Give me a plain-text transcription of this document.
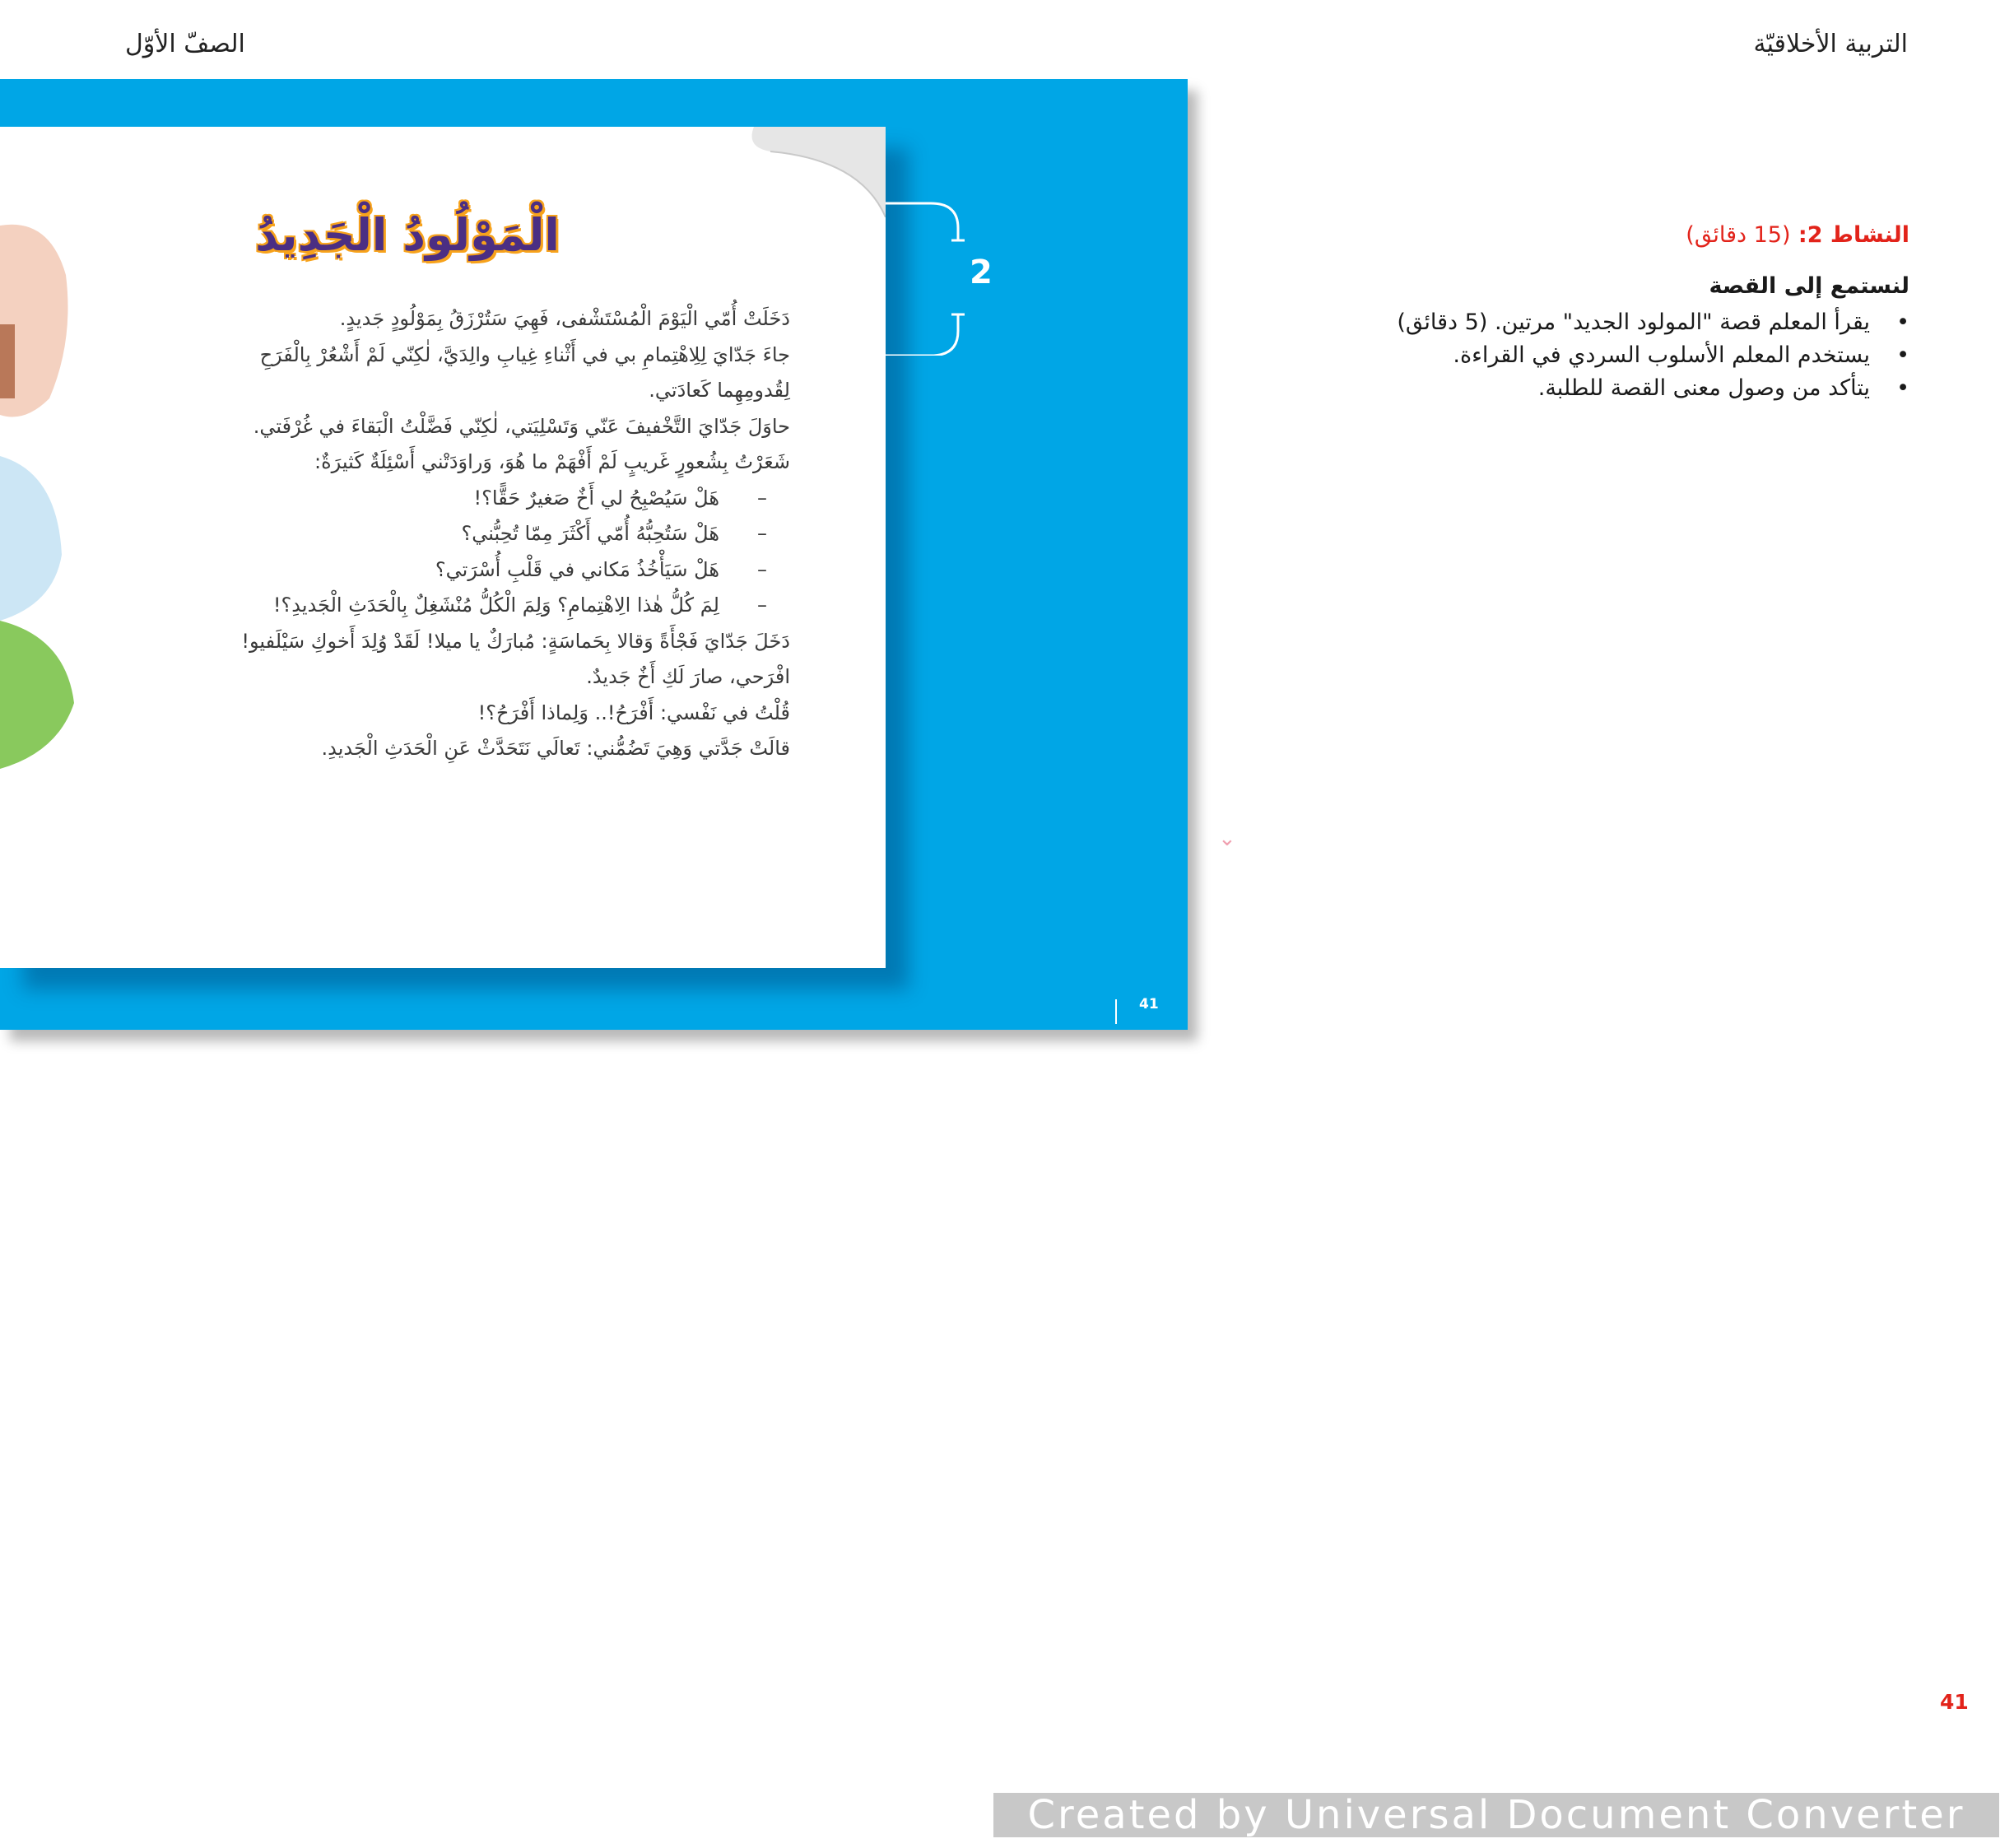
الصفّ الأوّل	التربية الأخلاقيّة
الْمَوْلُودُ الْجَدِيدُ
دَخَلَتْ أُمّي الْيَوْمَ الْمُسْتَشْفى، فَهِيَ سَتُرْزَقُ بِمَوْلُودٍ جَديدٍ.
جاءَ جَدّايَ لِلِاهْتِمامِ بي في أَثْناءِ غِيابِ والِدَيَّ، لٰكِنّي لَمْ أَشْعُرْ بِالْفَرَحِ
لِقُدومِهِما كَعادَتي.
حاوَلَ جَدّايَ التَّخْفيفَ عَنّي وَتَسْلِيَتي، لٰكِنّي فَضَّلْتُ الْبَقاءَ في غُرْفَتي.
شَعَرْتُ بِشُعورٍ غَريبٍ لَمْ أَفْهَمْ ما هُوَ، وَراوَدَتْني أَسْئِلَةٌ كَثيرَةٌ:
–هَلْ سَيُصْبِحُ لي أَخٌ صَغيرٌ حَقًّا؟!
–هَلْ سَتُحِبُّهُ أُمّي أَكْثَرَ مِمّا تُحِبُّني؟
–هَلْ سَيَأْخُذُ مَكاني في قَلْبِ أُسْرَتي؟
–لِمَ كُلُّ هٰذا الِاهْتِمامِ؟ وَلِمَ الْكُلُّ مُنْشَغِلٌ بِالْحَدَثِ الْجَديدِ؟!
دَخَلَ جَدّايَ فَجْأَةً وَقالا بِحَماسَةٍ: مُبارَكٌ يا ميلا! لَقَدْ وُلِدَ أَخوكِ سَيْلَفيو!
افْرَحي، صارَ لَكِ أَخٌ جَديدٌ.
قُلْتُ في نَفْسي: أَفْرَحُ!.. وَلِماذا أَفْرَحُ؟!
قالَتْ جَدَّتي وَهِيَ تَضُمُّني: تَعالَي نَتَحَدَّثْ عَنِ الْحَدَثِ الْجَديدِ.
2
41
⌄
النشاط 2: (15 دقائق)
لنستمع إلى القصة
• يقرأ المعلم قصة "المولود الجديد" مرتين. (5 دقائق)
• يستخدم المعلم الأسلوب السردي في القراءة.
• يتأكد من وصول معنى القصة للطلبة.
41
Created by Universal Document Converter
